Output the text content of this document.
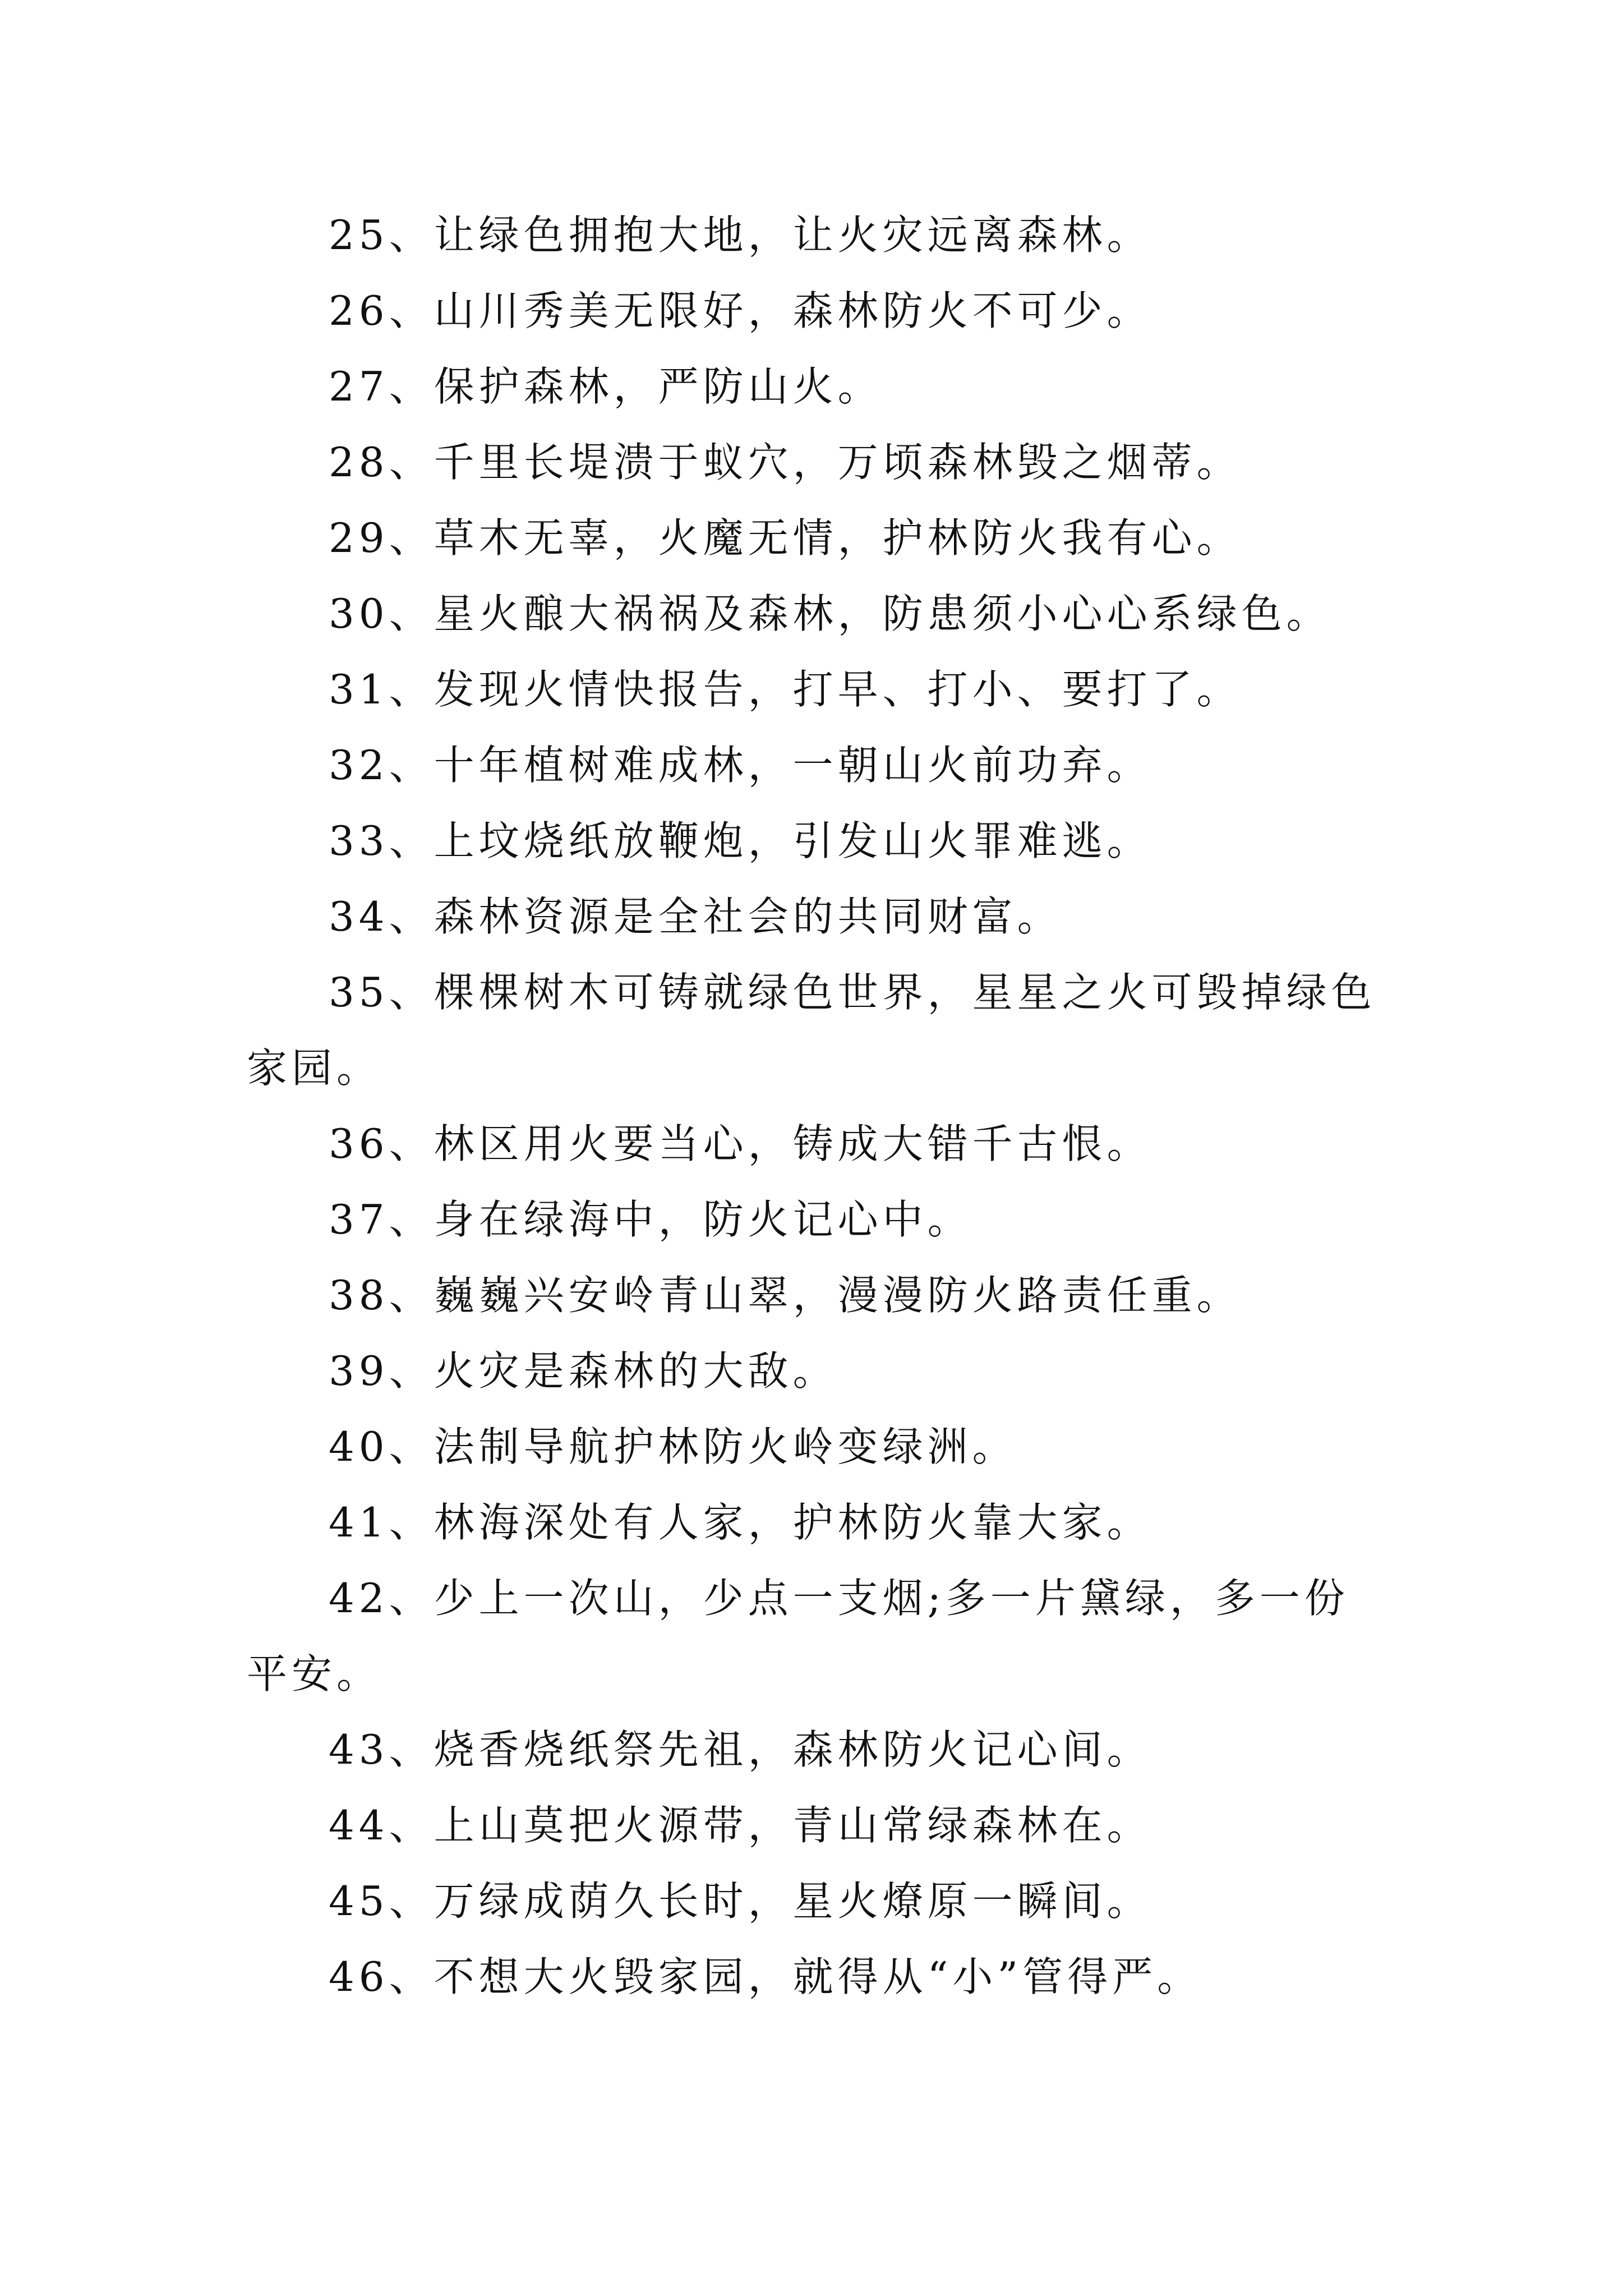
25、让绿色拥抱大地，让火灾远离森林。

26、山川秀美无限好，森林防火不可少。

27、保护森林，严防山火。

28、千里长堤溃于蚁穴，万顷森林毁之烟蒂。

29、草木无辜，火魔无情，护林防火我有心。

30、星火酿大祸祸及森林，防患须小心心系绿色。

31、发现火情快报告，打早、打小、要打了。

32、十年植树难成林，一朝山火前功弃。

33、上坟烧纸放鞭炮，引发山火罪难逃。

34、森林资源是全社会的共同财富。

35、棵棵树木可铸就绿色世界，星星之火可毁掉绿色家园。

36、林区用火要当心，铸成大错千古恨。

37、身在绿海中，防火记心中。

38、巍巍兴安岭青山翠，漫漫防火路责任重。

39、火灾是森林的大敌。

40、法制导航护林防火岭变绿洲。

41、林海深处有人家，护林防火靠大家。

42、少上一次山，少点一支烟;多一片黛绿，多一份平安。

43、烧香烧纸祭先祖，森林防火记心间。

44、上山莫把火源带，青山常绿森林在。

45、万绿成荫久长时，星火燎原一瞬间。

46、不想大火毁家园，就得从“小”管得严。
